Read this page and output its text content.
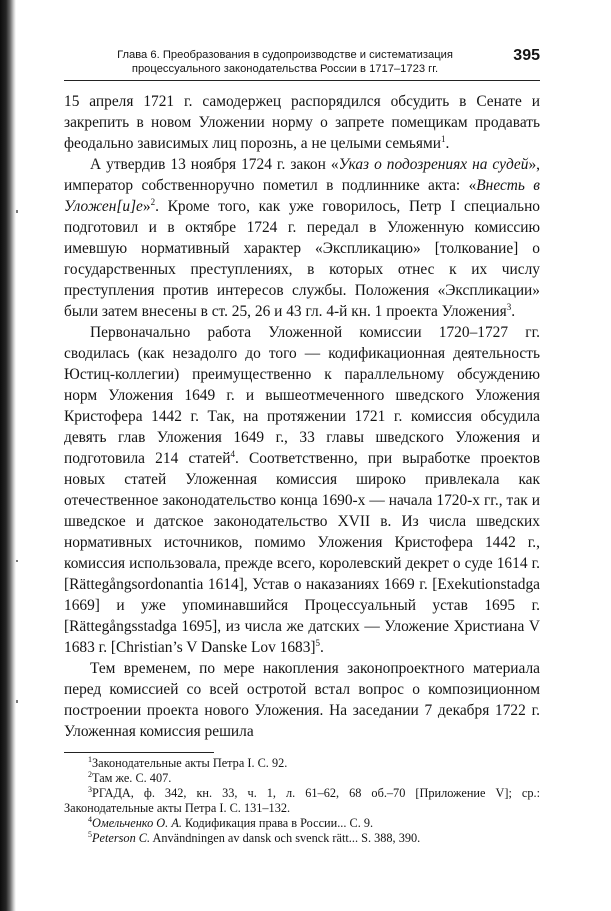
Глава 6. Преобразования в судопроизводстве и систематизация
процессуального законодательства России в 1717–1723 гг.
395

15 апреля 1721 г. самодержец распорядился обсудить в Сенате и закрепить в новом Уложении норму о запрете помещикам продавать феодально зависимых лиц порознь, а не целыми семьями$^1$.

А утвердив 13 ноября 1724 г. закон «Указ о подозрениях на судей», император собственноручно пометил в подлиннике акта: «Внесть в Уложен[и]е»$^2$. Кроме того, как уже говорилось, Петр I специально подготовил и в октябре 1724 г. передал в Уложенную комиссию имевшую нормативный характер «Экспликацию» [толкование] о государственных преступлениях, в которых отнес к их числу преступления против интересов службы. Положения «Экспликации» были затем внесены в ст. 25, 26 и 43 гл. 4-й кн. 1 проекта Уложения$^3$.

Первоначально работа Уложенной комиссии 1720–1727 гг. сводилась (как незадолго до того — кодификационная деятельность Юстиц-коллегии) преимущественно к параллельному обсуждению норм Уложения 1649 г. и вышеотмеченного шведского Уложения Кристофера 1442 г. Так, на протяжении 1721 г. комиссия обсудила девять глав Уложения 1649 г., 33 главы шведского Уложения и подготовила 214 статей$^4$. Соответственно, при выработке проектов новых статей Уложенная комиссия широко привлекала как отечественное законодательство конца 1690-х — начала 1720-х гг., так и шведское и датское законодательство XVII в. Из числа шведских нормативных источников, помимо Уложения Кристофера 1442 г., комиссия использовала, прежде всего, королевский декрет о суде 1614 г. [Rättegångsordonantia 1614], Устав о наказаниях 1669 г. [Exekutionstadga 1669] и уже упоминавшийся Процессуальный устав 1695 г. [Rättegångsstadga 1695], из числа же датских — Уложение Христиана V 1683 г. [Christian’s V Danske Lov 1683]$^5$.

Тем временем, по мере накопления законопроектного материала перед комиссией со всей остротой встал вопрос о композиционном построении проекта нового Уложения. На заседании 7 декабря 1722 г. Уложенная комиссия решила

$^1$Законодательные акты Петра I. С. 92.
$^2$Там же. С. 407.
$^3$РГАДА, ф. 342, кн. 33, ч. 1, л. 61–62, 68 об.–70 [Приложение V]; ср.: Законодательные акты Петра I. С. 131–132.
$^4$Омельченко О. А. Кодификация права в России... С. 9.
$^5$Peterson C. Användningen av dansk och svenck rätt... S. 388, 390.
